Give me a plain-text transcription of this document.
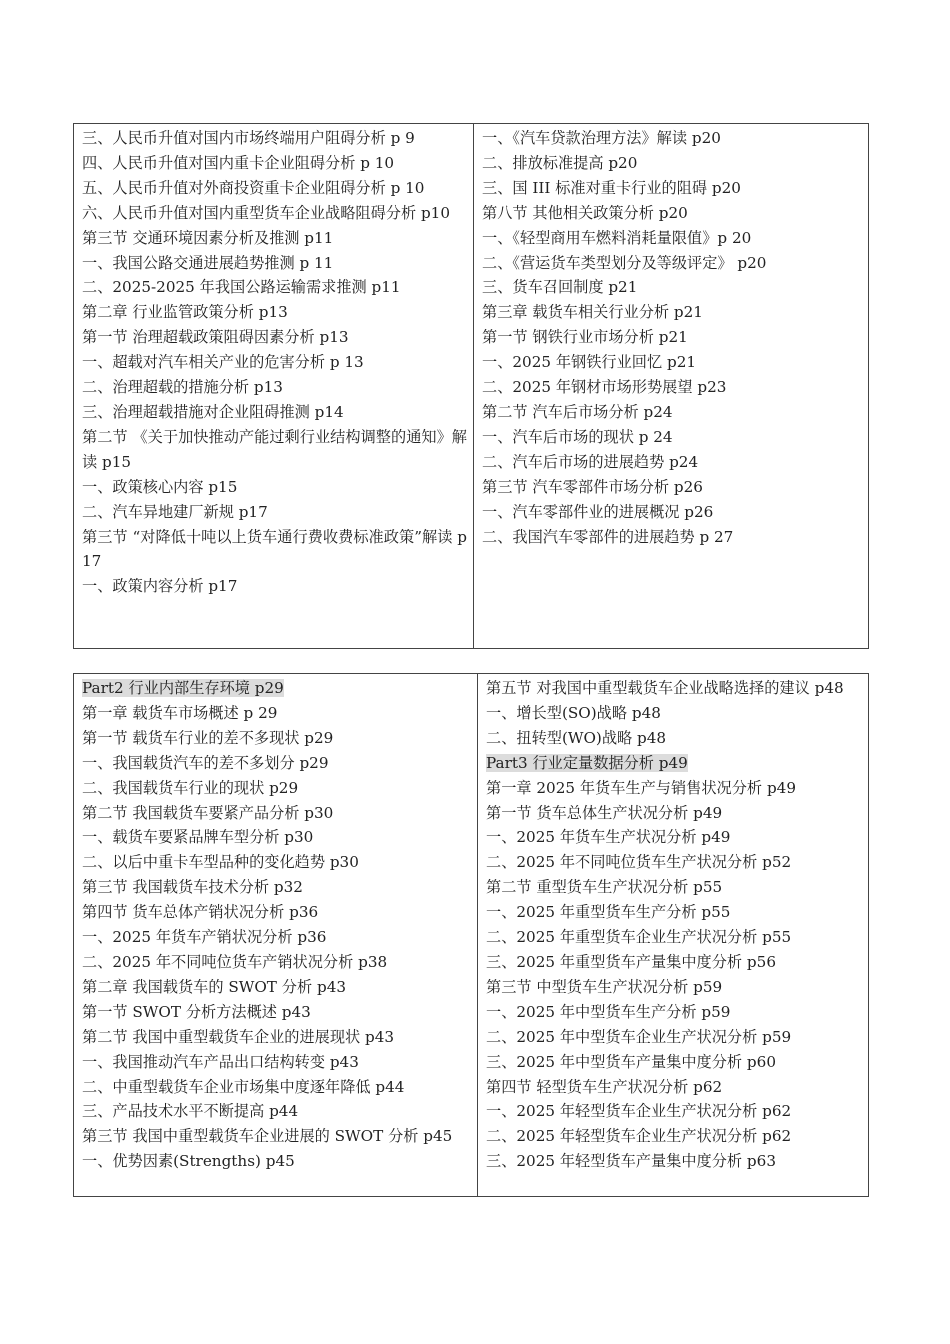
三、人民币升值对国内市场终端用户阻碍分析 p 9
四、人民币升值对国内重卡企业阻碍分析 p 10
五、人民币升值对外商投资重卡企业阻碍分析 p 10
六、人民币升值对国内重型货车企业战略阻碍分析 p10
第三节 交通环境因素分析及推测 p11
一、我国公路交通进展趋势推测 p 11
二、2025-2025 年我国公路运输需求推测 p11
第二章 行业监管政策分析 p13
第一节 治理超载政策阻碍因素分析 p13
一、超载对汽车相关产业的危害分析 p 13
二、治理超载的措施分析 p13
三、治理超载措施对企业阻碍推测 p14
第二节 《关于加快推动产能过剩行业结构调整的通知》解读 p15
一、政策核心内容 p15
二、汽车异地建厂新规 p17
第三节 “对降低十吨以上货车通行费收费标准政策”解读 p17
一、政策内容分析 p17
一、《汽车贷款治理方法》解读 p20
二、排放标准提高 p20
三、国 III 标准对重卡行业的阻碍 p20
第八节 其他相关政策分析 p20
一、《轻型商用车燃料消耗量限值》p 20
二、《营运货车类型划分及等级评定》 p20
三、货车召回制度 p21
第三章 载货车相关行业分析 p21
第一节 钢铁行业市场分析 p21
一、2025 年钢铁行业回忆 p21
二、2025 年钢材市场形势展望 p23
第二节 汽车后市场分析 p24
一、汽车后市场的现状 p 24
二、汽车后市场的进展趋势 p24
第三节 汽车零部件市场分析 p26
一、汽车零部件业的进展概况 p26
二、我国汽车零部件的进展趋势 p 27
Part2 行业内部生存环境 p29
第一章 载货车市场概述 p 29
第一节 载货车行业的差不多现状 p29
一、我国载货汽车的差不多划分 p29
二、我国载货车行业的现状 p29
第二节 我国载货车要紧产品分析 p30
一、载货车要紧品牌车型分析 p30
二、以后中重卡车型品种的变化趋势 p30
第三节 我国载货车技术分析 p32
第四节 货车总体产销状况分析 p36
一、2025 年货车产销状况分析 p36
二、2025 年不同吨位货车产销状况分析 p38
第二章 我国载货车的 SWOT 分析 p43
第一节 SWOT 分析方法概述 p43
第二节 我国中重型载货车企业的进展现状 p43
一、我国推动汽车产品出口结构转变 p43
二、中重型载货车企业市场集中度逐年降低 p44
三、产品技术水平不断提高 p44
第三节 我国中重型载货车企业进展的 SWOT 分析 p45
一、优势因素(Strengths) p45
第五节 对我国中重型载货车企业战略选择的建议 p48
一、增长型(SO)战略 p48
二、扭转型(WO)战略 p48
Part3 行业定量数据分析 p49
第一章 2025 年货车生产与销售状况分析 p49
第一节 货车总体生产状况分析 p49
一、2025 年货车生产状况分析 p49
二、2025 年不同吨位货车生产状况分析 p52
第二节 重型货车生产状况分析 p55
一、2025 年重型货车生产分析 p55
二、2025 年重型货车企业生产状况分析 p55
三、2025 年重型货车产量集中度分析 p56
第三节 中型货车生产状况分析 p59
一、2025 年中型货车生产分析 p59
二、2025 年中型货车企业生产状况分析 p59
三、2025 年中型货车产量集中度分析 p60
第四节 轻型货车生产状况分析 p62
一、2025 年轻型货车企业生产状况分析 p62
二、2025 年轻型货车企业生产状况分析 p62
三、2025 年轻型货车产量集中度分析 p63
